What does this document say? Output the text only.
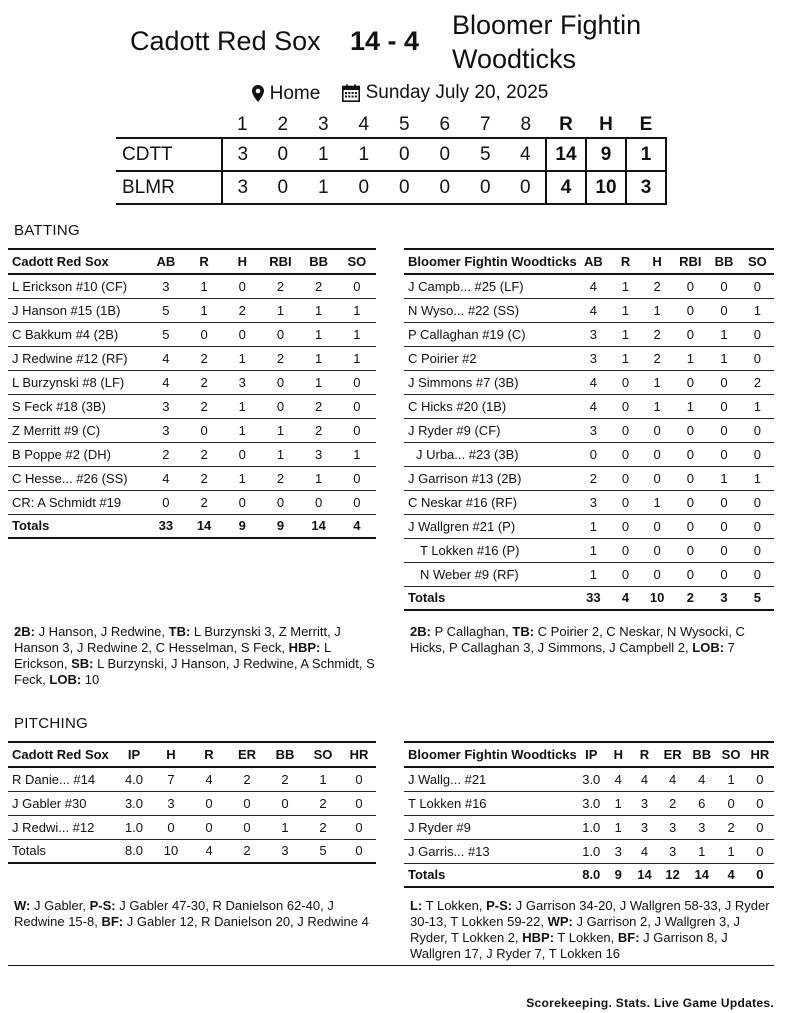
Cadott Red Sox 14 - 4
Bloomer Fightin Woodticks
Home
Sunday July 20, 2025
	1	2	3	4	5	6	7	8	R	H	E
CDTT	3	0	1	1	0	0	5	4	14	9	1
BLMR	3	0	1	0	0	0	0	0	4	10	3
BATTING
Cadott Red Sox	AB	R	H	RBI	BB	SO
L Erickson #10 (CF)	3	1	0	2	2	0
J Hanson #15 (1B)	5	1	2	1	1	1
C Bakkum #4 (2B)	5	0	0	0	1	1
J Redwine #12 (RF)	4	2	1	2	1	1
L Burzynski #8 (LF)	4	2	3	0	1	0
S Feck #18 (3B)	3	2	1	0	2	0
Z Merritt #9 (C)	3	0	1	1	2	0
B Poppe #2 (DH)	2	2	0	1	3	1
C Hesse... #26 (SS)	4	2	1	2	1	0
CR: A Schmidt #19	0	2	0	0	0	0
Totals	33	14	9	9	14	4
Bloomer Fightin Woodticks	AB	R	H	RBI	BB	SO
J Campb... #25 (LF)	4	1	2	0	0	0
N Wyso... #22 (SS)	4	1	1	0	0	1
P Callaghan #19 (C)	3	1	2	0	1	0
C Poirier #2	3	1	2	1	1	0
J Simmons #7 (3B)	4	0	1	0	0	2
C Hicks #20 (1B)	4	0	1	1	0	1
J Ryder #9 (CF)	3	0	0	0	0	0
J Urba... #23 (3B)	0	0	0	0	0	0
J Garrison #13 (2B)	2	0	0	0	1	1
C Neskar #16 (RF)	3	0	1	0	0	0
J Wallgren #21 (P)	1	0	0	0	0	0
T Lokken #16 (P)	1	0	0	0	0	0
N Weber #9 (RF)	1	0	0	0	0	0
Totals	33	4	10	2	3	5
2B: J Hanson, J Redwine, TB: L Burzynski 3, Z Merritt, J Hanson 3, J Redwine 2, C Hesselman, S Feck, HBP: L Erickson, SB: L Burzynski, J Hanson, J Redwine, A Schmidt, S Feck, LOB: 10
2B: P Callaghan, TB: C Poirier 2, C Neskar, N Wysocki, C Hicks, P Callaghan 3, J Simmons, J Campbell 2, LOB: 7
PITCHING
Cadott Red Sox	IP	H	R	ER	BB	SO	HR
R Danie... #14	4.0	7	4	2	2	1	0
J Gabler #30	3.0	3	0	0	0	2	0
J Redwi... #12	1.0	0	0	0	1	2	0
Totals	8.0	10	4	2	3	5	0
Bloomer Fightin Woodticks	IP	H	R	ER	BB	SO	HR
J Wallg... #21	3.0	4	4	4	4	1	0
T Lokken #16	3.0	1	3	2	6	0	0
J Ryder #9	1.0	1	3	3	3	2	0
J Garris... #13	1.0	3	4	3	1	1	0
Totals	8.0	9	14	12	14	4	0
W: J Gabler, P-S: J Gabler 47-30, R Danielson 62-40, J Redwine 15-8, BF: J Gabler 12, R Danielson 20, J Redwine 4
L: T Lokken, P-S: J Garrison 34-20, J Wallgren 58-33, J Ryder 30-13, T Lokken 59-22, WP: J Garrison 2, J Wallgren 3, J Ryder, T Lokken 2, HBP: T Lokken, BF: J Garrison 8, J Wallgren 17, J Ryder 7, T Lokken 16
Scorekeeping. Stats. Live Game Updates.
